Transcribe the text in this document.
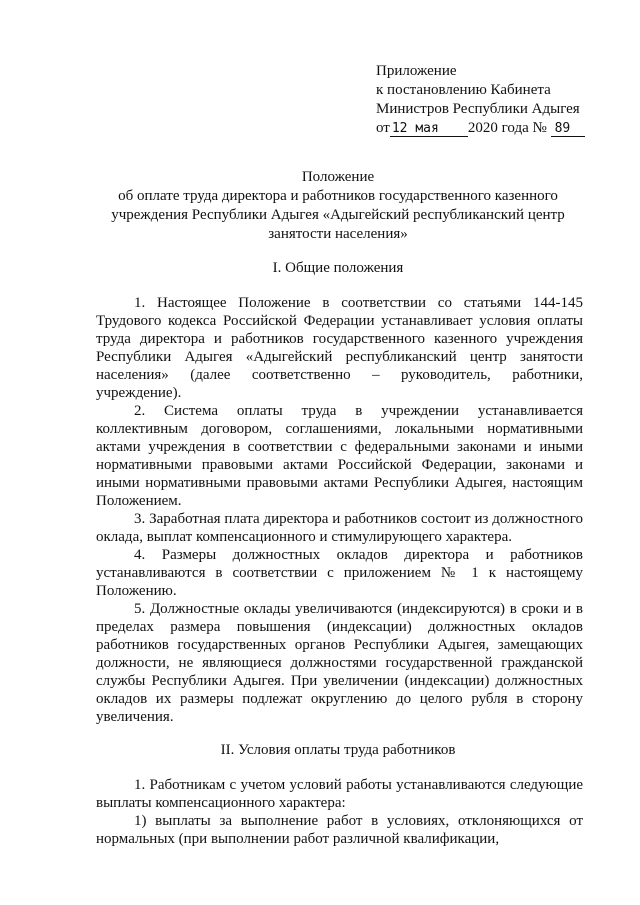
Приложение
к постановлению Кабинета
Министров Республики Адыгея
от 12 мая 2020 года № 89
Положение
об оплате труда директора и работников государственного казенного
учреждения Республики Адыгея «Адыгейский республиканский центр
занятости населения»
I. Общие положения

1. Настоящее Положение в соответствии со статьями 144-145 Трудового кодекса Российской Федерации устанавливает условия оплаты труда директора и работников государственного казенного учреждения Республики Адыгея «Адыгейский республиканский центр занятости населения» (далее соответственно – руководитель, работники, учреждение).

2. Система оплаты труда в учреждении устанавливается коллективным договором, соглашениями, локальными нормативными актами учреждения в соответствии с федеральными законами и иными нормативными правовыми актами Российской Федерации, законами и иными нормативными правовыми актами Республики Адыгея, настоящим Положением.

3. Заработная плата директора и работников состоит из должностного оклада, выплат компенсационного и стимулирующего характера.

4. Размеры должностных окладов директора и работников устанавливаются в соответствии с приложением № 1 к настоящему Положению.

5. Должностные оклады увеличиваются (индексируются) в сроки и в пределах размера повышения (индексации) должностных окладов работников государственных органов Республики Адыгея, замещающих должности, не являющиеся должностями государственной гражданской службы Республики Адыгея. При увеличении (индексации) должностных окладов их размеры подлежат округлению до целого рубля в сторону увеличения.

II. Условия оплаты труда работников

1. Работникам с учетом условий работы устанавливаются следующие выплаты компенсационного характера:

1) выплаты за выполнение работ в условиях, отклоняющихся от нормальных (при выполнении работ различной квалификации,
